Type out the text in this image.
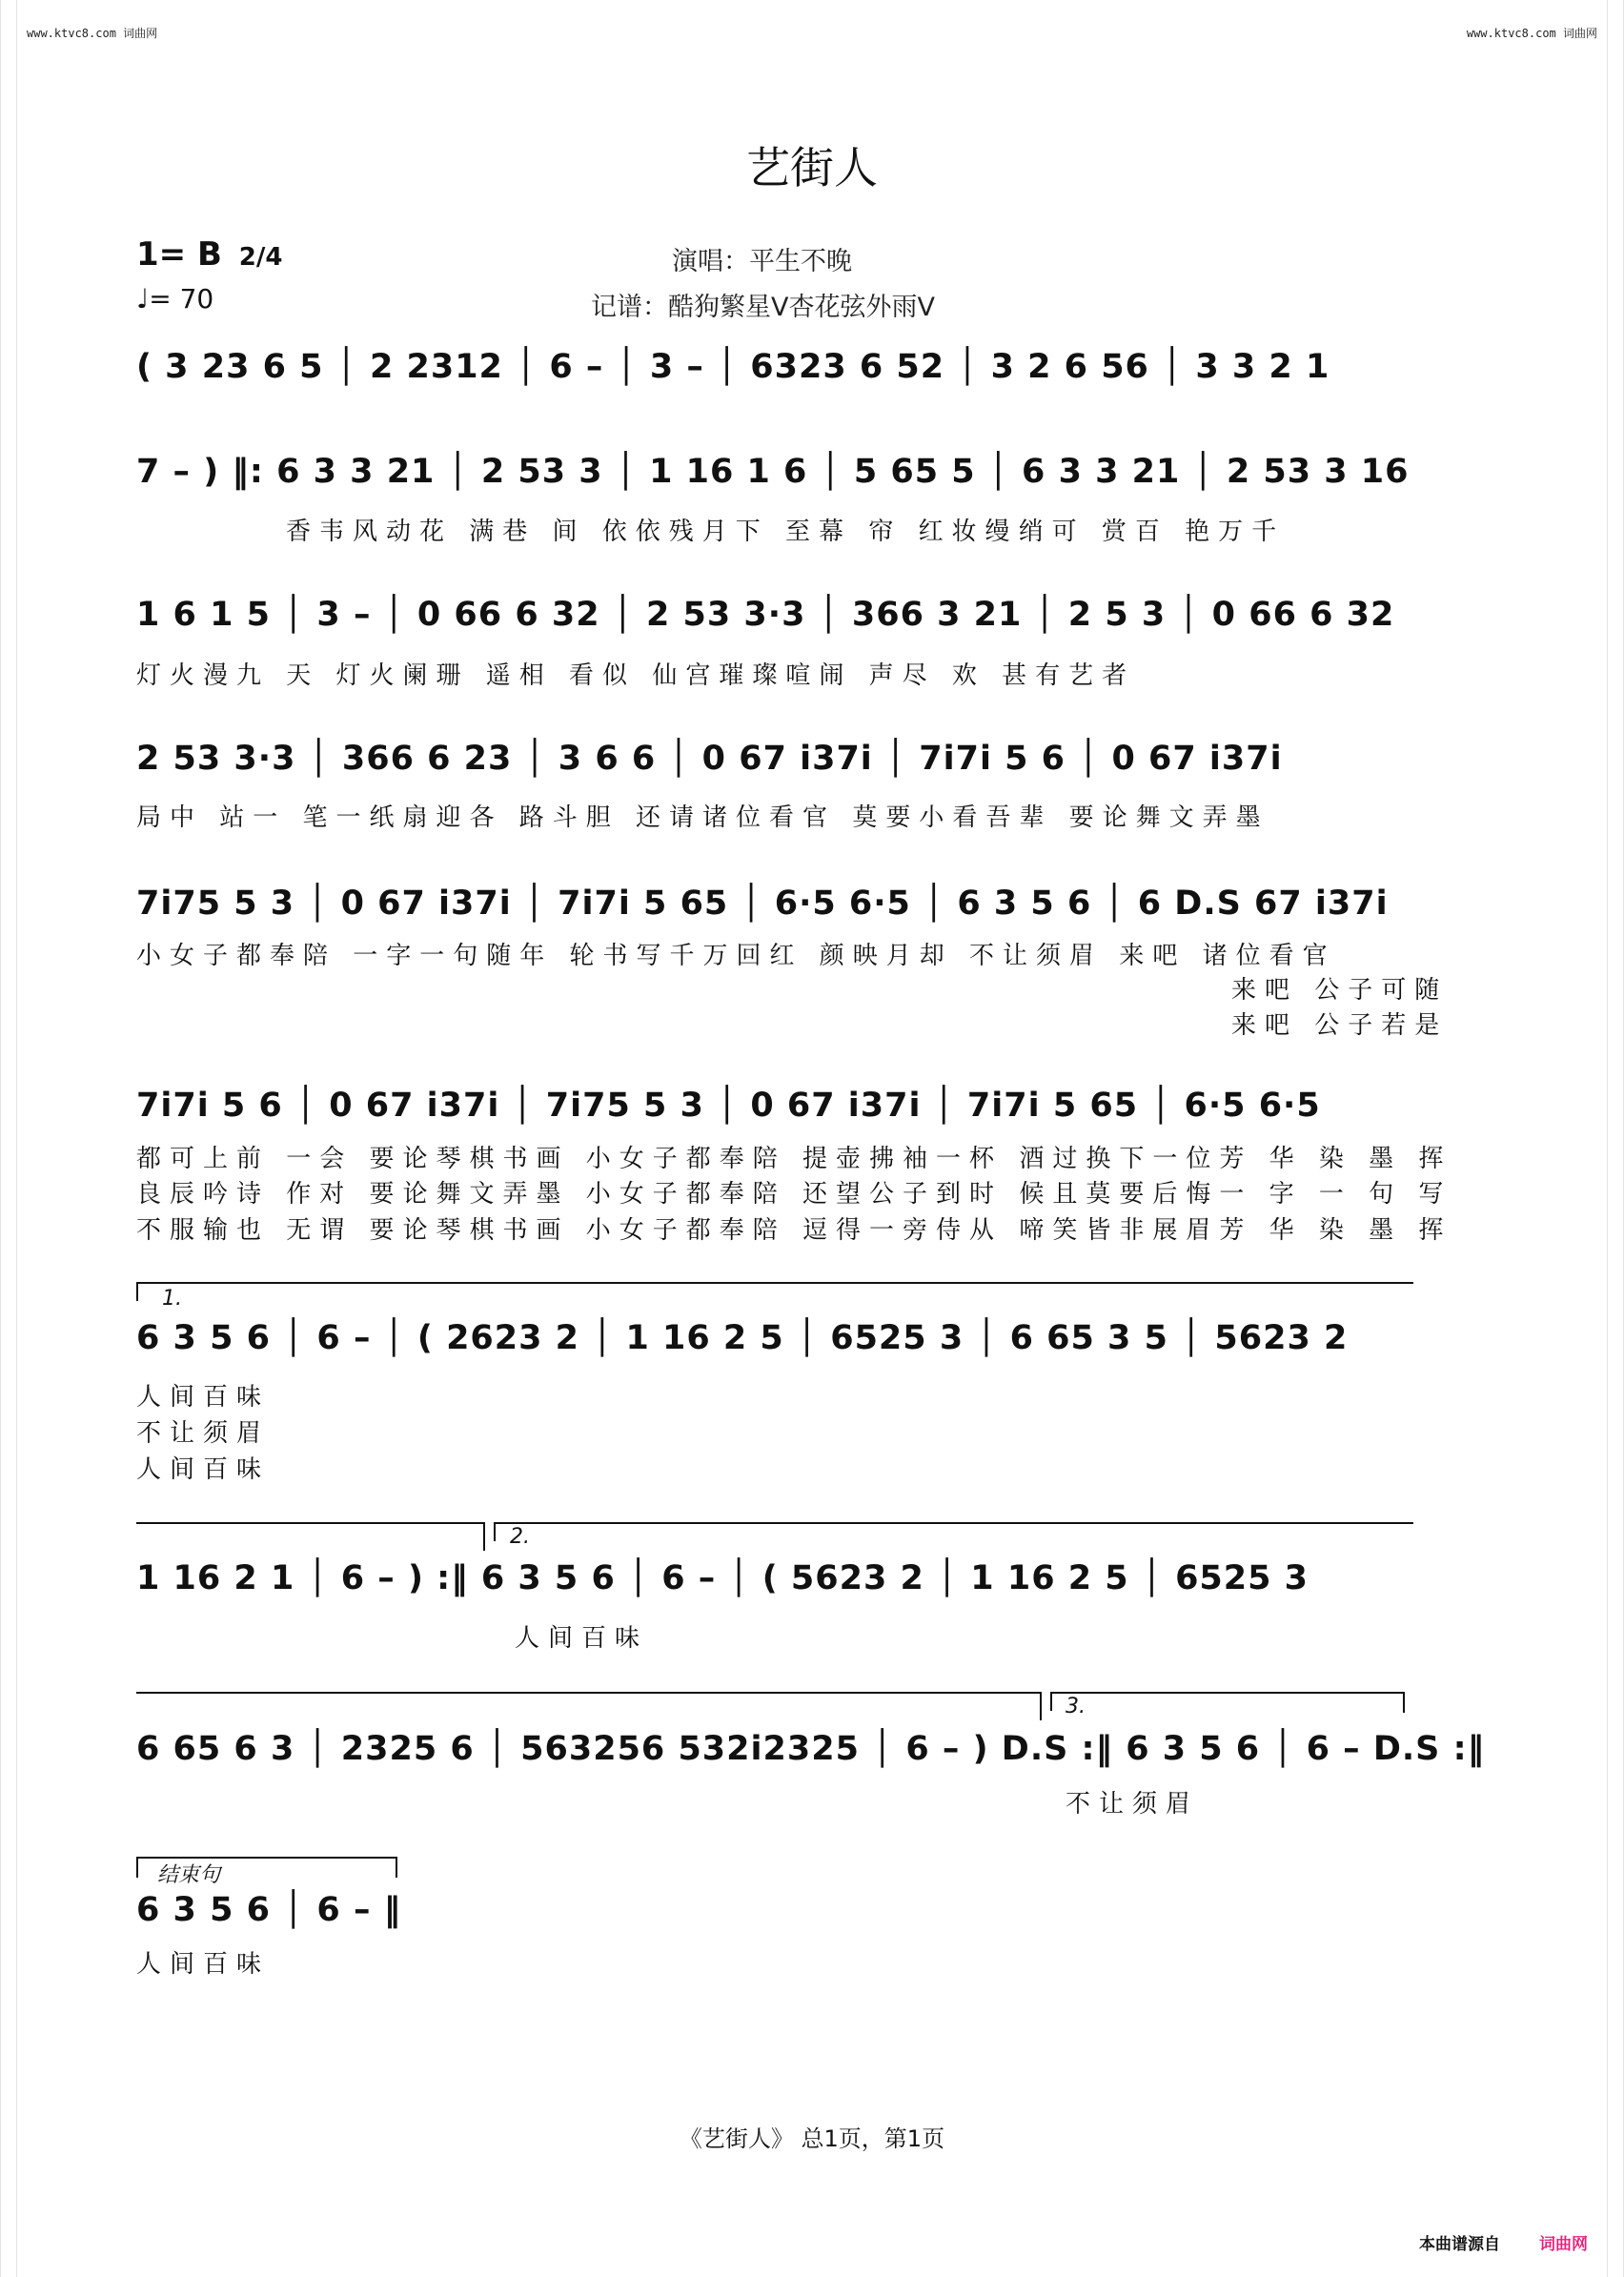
www.ktvc8.com 词曲网	www.ktvc8.com 词曲网
艺街人
1= B 2/4
♩= 70
演唱：平生不晚
记谱：酷狗繁星V杏花弦外雨V
( 3 23 6 5 │ 2 2312 │ 6 – │ 3 – │ 6323 6 52 │ 3 2 6 56 │ 3 3 2 1
7 – ) ‖: 6 3 3 21 │ 2 53 3 │ 1 16 1 6 │ 5 65 5 │ 6 3 3 21 │ 2 53 3 16
香韦风动花 满巷 间 依依残月下 至幕 帘 红妆缦绡可 赏百 艳万千
1 6 1 5 │ 3 – │ 0 66 6 32 │ 2 53 3·3 │ 366 3 21 │ 2 5 3 │ 0 66 6 32
灯火漫九 天 灯火阑珊 遥相 看似 仙宫璀璨喧闹 声尽 欢 甚有艺者
2 53 3·3 │ 366 6 23 │ 3 6 6 │ 0 67 i37i │ 7i7i 5 6 │ 0 67 i37i
局中 站一 笔一纸扇迎各 路斗胆 还请诸位看官 莫要小看吾辈 要论舞文弄墨
7i75 5 3 │ 0 67 i37i │ 7i7i 5 65 │ 6·5 6·5 │ 6 3 5 6 │ 6 D.S 67 i37i
小女子都奉陪 一字一句随年 轮书写千万回红 颜映月却 不让须眉 来吧 诸位看官
来吧 公子可随
来吧 公子若是
7i7i 5 6 │ 0 67 i37i │ 7i75 5 3 │ 0 67 i37i │ 7i7i 5 65 │ 6·5 6·5
都可上前 一会 要论琴棋书画 小女子都奉陪 提壶拂袖一杯 酒过换下一位芳 华 染 墨 挥
良辰吟诗 作对 要论舞文弄墨 小女子都奉陪 还望公子到时 候且莫要后悔一 字 一 句 写
不服输也 无谓 要论琴棋书画 小女子都奉陪 逗得一旁侍从 啼笑皆非展眉芳 华 染 墨 挥
1.
6 3 5 6 │ 6 – │ ( 2623 2 │ 1 16 2 5 │ 6525 3 │ 6 65 3 5 │ 5623 2
人间百味
不让须眉
人间百味
2.
1 16 2 1 │ 6 – ) :‖ 6 3 5 6 │ 6 – │ ( 5623 2 │ 1 16 2 5 │ 6525 3
人间百味
3.
6 65 6 3 │ 2325 6 │ 563256 532i2325 │ 6 – ) D.S :‖ 6 3 5 6 │ 6 – D.S :‖
不让须眉
结束句
6 3 5 6 │ 6 – ‖
人间百味
《艺街人》 总1页，第1页
本曲谱源自 词曲网
